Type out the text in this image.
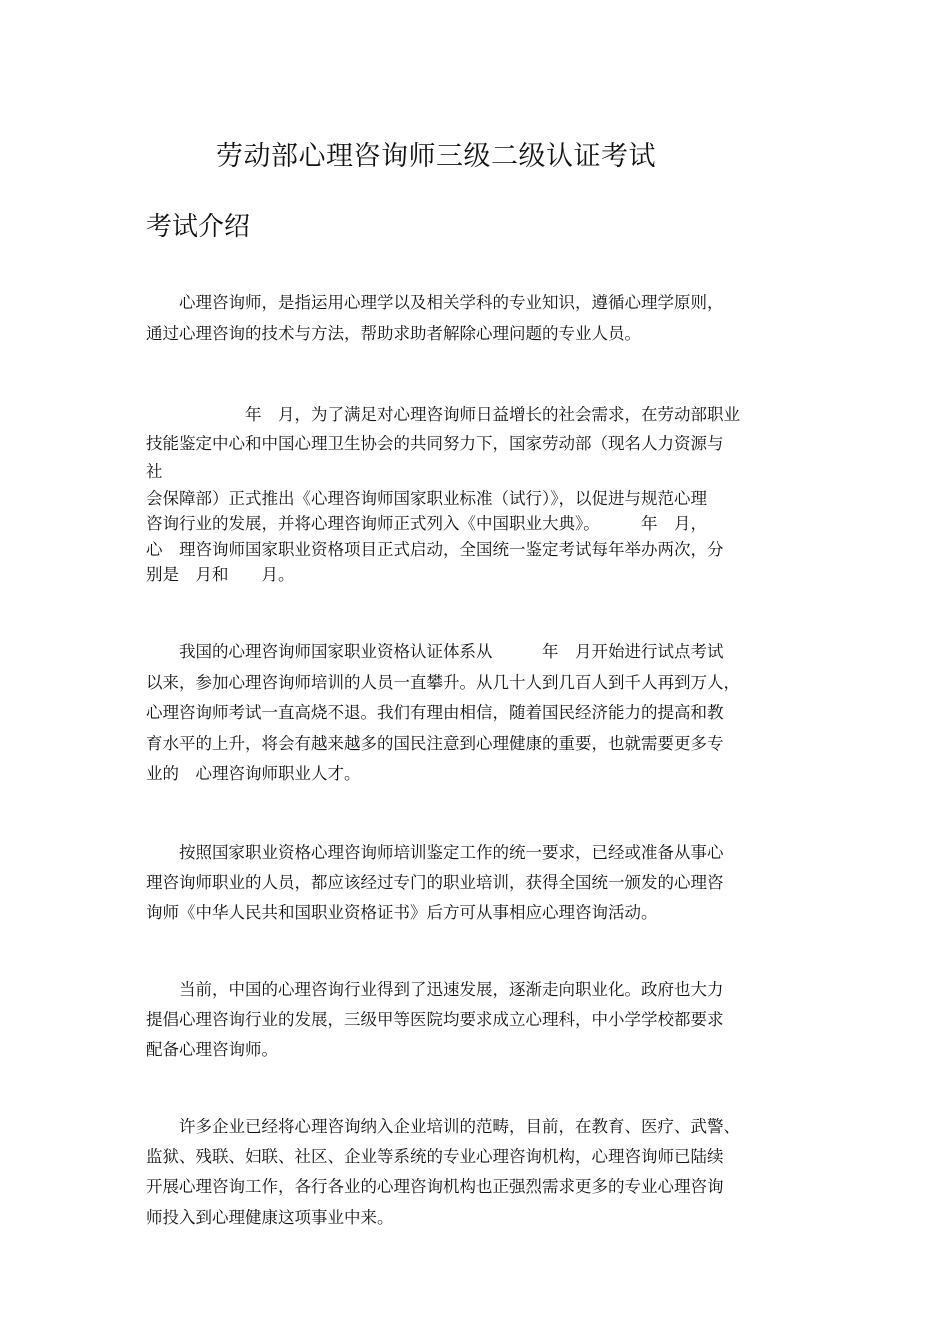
劳动部心理咨询师三级二级认证考试
考试介绍

　　心理咨询师，是指运用心理学以及相关学科的专业知识，遵循心理学原则，

通过心理咨询的技术与方法，帮助求助者解除心理问题的专业人员。

　　　　　　年　月，为了满足对心理咨询师日益增长的社会需求，在劳动部职业

技能鉴定中心和中国心理卫生协会的共同努力下，国家劳动部（现名人力资源与

社

会保障部）正式推出《心理咨询师国家职业标准（试行）》，以促进与规范心理

咨询行业的发展，并将心理咨询师正式列入《中国职业大典》。　　　年　月，

心　理咨询师国家职业资格项目正式启动，全国统一鉴定考试每年举办两次，分

别是　月和　　月。

　　我国的心理咨询师国家职业资格认证体系从　　　年　月开始进行试点考试

以来，参加心理咨询师培训的人员一直攀升。从几十人到几百人到千人再到万人，

心理咨询师考试一直高烧不退。我们有理由相信，随着国民经济能力的提高和教

育水平的上升，将会有越来越多的国民注意到心理健康的重要，也就需要更多专

业的　心理咨询师职业人才。

　　按照国家职业资格心理咨询师培训鉴定工作的统一要求，已经或准备从事心

理咨询师职业的人员，都应该经过专门的职业培训，获得全国统一颁发的心理咨

询师《中华人民共和国职业资格证书》后方可从事相应心理咨询活动。

　　当前，中国的心理咨询行业得到了迅速发展，逐渐走向职业化。政府也大力

提倡心理咨询行业的发展，三级甲等医院均要求成立心理科，中小学学校都要求

配备心理咨询师。

　　许多企业已经将心理咨询纳入企业培训的范畴，目前，在教育、医疗、武警、

监狱、残联、妇联、社区、企业等系统的专业心理咨询机构，心理咨询师已陆续

开展心理咨询工作，各行各业的心理咨询机构也正强烈需求更多的专业心理咨询

师投入到心理健康这项事业中来。
